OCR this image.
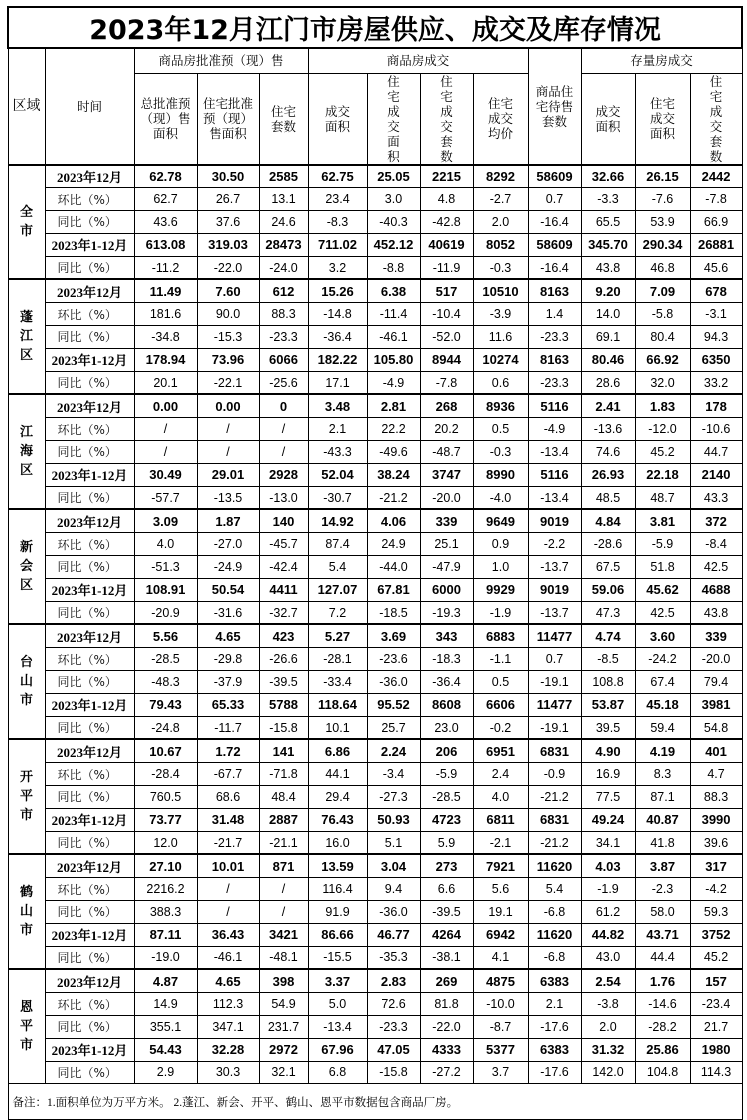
2023年12月江门市房屋供应、成交及库存情况												
区域	时间	商品房批准预（现）售			商品房成交				商品住宅待售套数	存量房成交		
		总批准预（现）售面积	住宅批准预（现）售面积	住宅套数	成交面积	住宅成交面积	住宅成交套数	住宅成交均价		成交面积	住宅成交面积	住宅成交套数

全市	2023年12月	62.78	30.50	2585	62.75	25.05	2215	8292	58609	32.66	26.15	2442
	环比（%）	62.7	26.7	13.1	23.4	3.0	4.8	-2.7	0.7	-3.3	-7.6	-7.8
	同比（%）	43.6	37.6	24.6	-8.3	-40.3	-42.8	2.0	-16.4	65.5	53.9	66.9
	2023年1-12月	613.08	319.03	28473	711.02	452.12	40619	8052	58609	345.70	290.34	26881
	同比（%）	-11.2	-22.0	-24.0	3.2	-8.8	-11.9	-0.3	-16.4	43.8	46.8	45.6

蓬江区	2023年12月	11.49	7.60	612	15.26	6.38	517	10510	8163	9.20	7.09	678
	环比（%）	181.6	90.0	88.3	-14.8	-11.4	-10.4	-3.9	1.4	14.0	-5.8	-3.1
	同比（%）	-34.8	-15.3	-23.3	-36.4	-46.1	-52.0	11.6	-23.3	69.1	80.4	94.3
	2023年1-12月	178.94	73.96	6066	182.22	105.80	8944	10274	8163	80.46	66.92	6350
	同比（%）	20.1	-22.1	-25.6	17.1	-4.9	-7.8	0.6	-23.3	28.6	32.0	33.2

江海区	2023年12月	0.00	0.00	0	3.48	2.81	268	8936	5116	2.41	1.83	178
	环比（%）	/	/	/	2.1	22.2	20.2	0.5	-4.9	-13.6	-12.0	-10.6
	同比（%）	/	/	/	-43.3	-49.6	-48.7	-0.3	-13.4	74.6	45.2	44.7
	2023年1-12月	30.49	29.01	2928	52.04	38.24	3747	8990	5116	26.93	22.18	2140
	同比（%）	-57.7	-13.5	-13.0	-30.7	-21.2	-20.0	-4.0	-13.4	48.5	48.7	43.3

新会区	2023年12月	3.09	1.87	140	14.92	4.06	339	9649	9019	4.84	3.81	372
	环比（%）	4.0	-27.0	-45.7	87.4	24.9	25.1	0.9	-2.2	-28.6	-5.9	-8.4
	同比（%）	-51.3	-24.9	-42.4	5.4	-44.0	-47.9	1.0	-13.7	67.5	51.8	42.5
	2023年1-12月	108.91	50.54	4411	127.07	67.81	6000	9929	9019	59.06	45.62	4688
	同比（%）	-20.9	-31.6	-32.7	7.2	-18.5	-19.3	-1.9	-13.7	47.3	42.5	43.8

台山市	2023年12月	5.56	4.65	423	5.27	3.69	343	6883	11477	4.74	3.60	339
	环比（%）	-28.5	-29.8	-26.6	-28.1	-23.6	-18.3	-1.1	0.7	-8.5	-24.2	-20.0
	同比（%）	-48.3	-37.9	-39.5	-33.4	-36.0	-36.4	0.5	-19.1	108.8	67.4	79.4
	2023年1-12月	79.43	65.33	5788	118.64	95.52	8608	6606	11477	53.87	45.18	3981
	同比（%）	-24.8	-11.7	-15.8	10.1	25.7	23.0	-0.2	-19.1	39.5	59.4	54.8

开平市	2023年12月	10.67	1.72	141	6.86	2.24	206	6951	6831	4.90	4.19	401
	环比（%）	-28.4	-67.7	-71.8	44.1	-3.4	-5.9	2.4	-0.9	16.9	8.3	4.7
	同比（%）	760.5	68.6	48.4	29.4	-27.3	-28.5	4.0	-21.2	77.5	87.1	88.3
	2023年1-12月	73.77	31.48	2887	76.43	50.93	4723	6811	6831	49.24	40.87	3990
	同比（%）	12.0	-21.7	-21.1	16.0	5.1	5.9	-2.1	-21.2	34.1	41.8	39.6

鹤山市	2023年12月	27.10	10.01	871	13.59	3.04	273	7921	11620	4.03	3.87	317
	环比（%）	2216.2	/	/	116.4	9.4	6.6	5.6	5.4	-1.9	-2.3	-4.2
	同比（%）	388.3	/	/	91.9	-36.0	-39.5	19.1	-6.8	61.2	58.0	59.3
	2023年1-12月	87.11	36.43	3421	86.66	46.77	4264	6942	11620	44.82	43.71	3752
	同比（%）	-19.0	-46.1	-48.1	-15.5	-35.3	-38.1	4.1	-6.8	43.0	44.4	45.2

恩平市	2023年12月	4.87	4.65	398	3.37	2.83	269	4875	6383	2.54	1.76	157
	环比（%）	14.9	112.3	54.9	5.0	72.6	81.8	-10.0	2.1	-3.8	-14.6	-23.4
	同比（%）	355.1	347.1	231.7	-13.4	-23.3	-22.0	-8.7	-17.6	2.0	-28.2	21.7
	2023年1-12月	54.43	32.28	2972	67.96	47.05	4333	5377	6383	31.32	25.86	1980
	同比（%）	2.9	30.3	32.1	6.8	-15.8	-27.2	3.7	-17.6	142.0	104.8	114.3
备注：1.面积单位为万平方米。 2.蓬江、新会、开平、鹤山、恩平市数据包含商品厂房。												
